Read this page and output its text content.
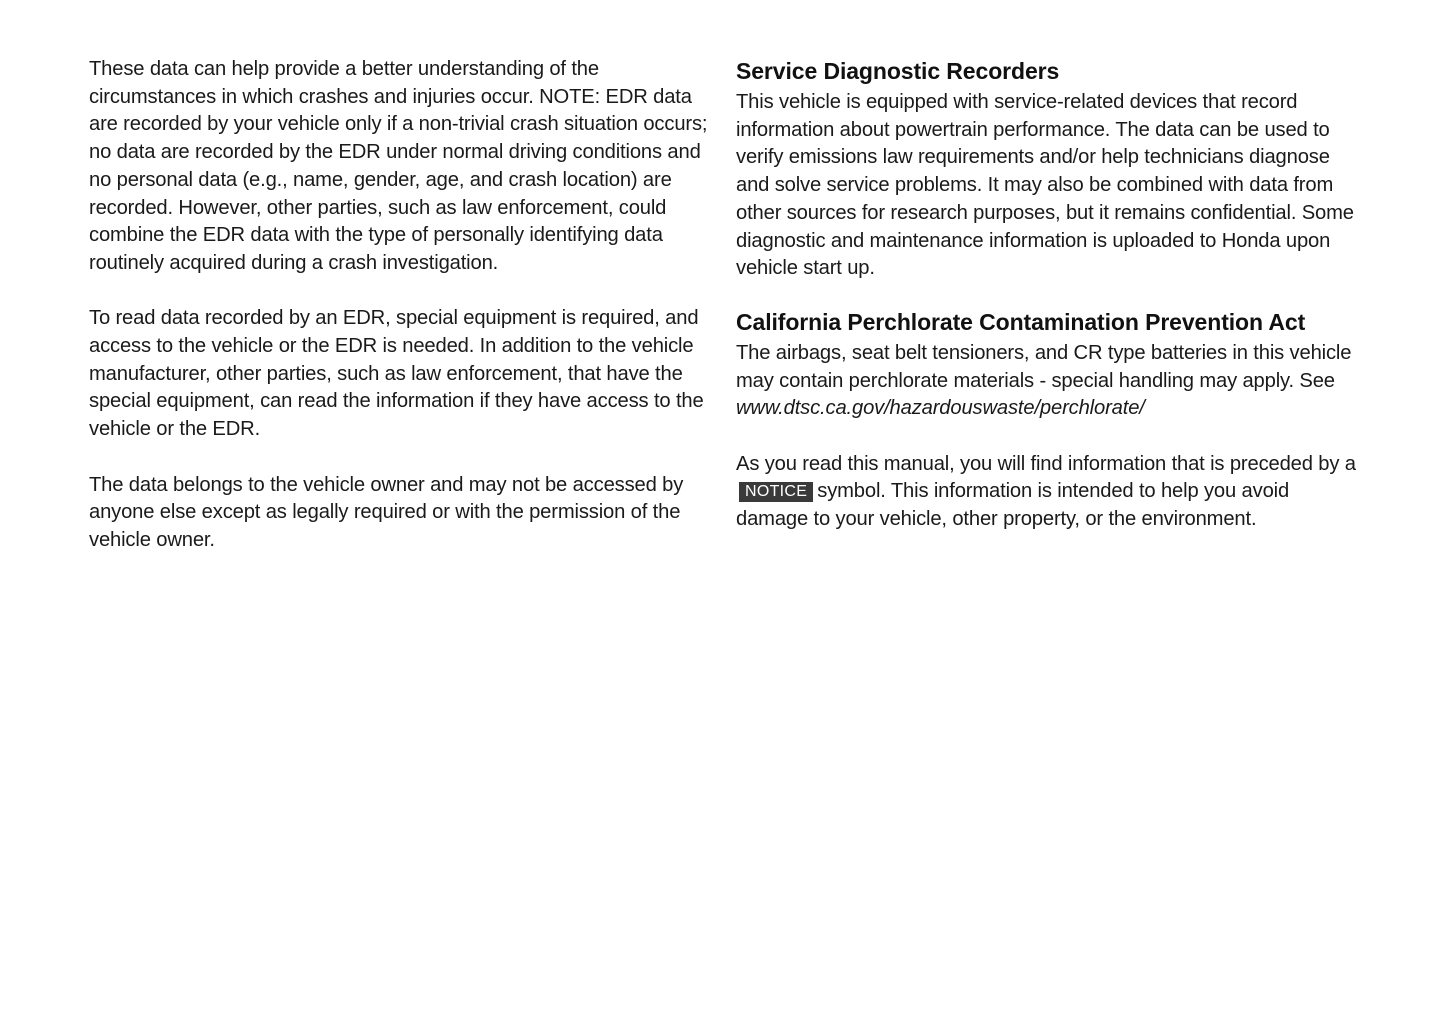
These data can help provide a better understanding of the circumstances in which crashes and injuries occur. NOTE: EDR data are recorded by your vehicle only if a non-trivial crash situation occurs; no data are recorded by the EDR under normal driving conditions and no personal data (e.g., name, gender, age, and crash location) are recorded. However, other parties, such as law enforcement, could combine the EDR data with the type of personally identifying data routinely acquired during a crash investigation.

To read data recorded by an EDR, special equipment is required, and access to the vehicle or the EDR is needed. In addition to the vehicle manufacturer, other parties, such as law enforcement, that have the special equipment, can read the information if they have access to the vehicle or the EDR.

The data belongs to the vehicle owner and may not be accessed by anyone else except as legally required or with the permission of the vehicle owner.

Service Diagnostic Recorders

This vehicle is equipped with service-related devices that record information about powertrain performance. The data can be used to verify emissions law requirements and/or help technicians diagnose and solve service problems. It may also be combined with data from other sources for research purposes, but it remains confidential. Some diagnostic and maintenance information is uploaded to Honda upon vehicle start up.

California Perchlorate Contamination Prevention Act

The airbags, seat belt tensioners, and CR type batteries in this vehicle may contain perchlorate materials - special handling may apply. See www.dtsc.ca.gov/hazardouswaste/perchlorate/

As you read this manual, you will find information that is preceded by aNOTICE symbol. This information is intended to help you avoid damage to your vehicle, other property, or the environment.
